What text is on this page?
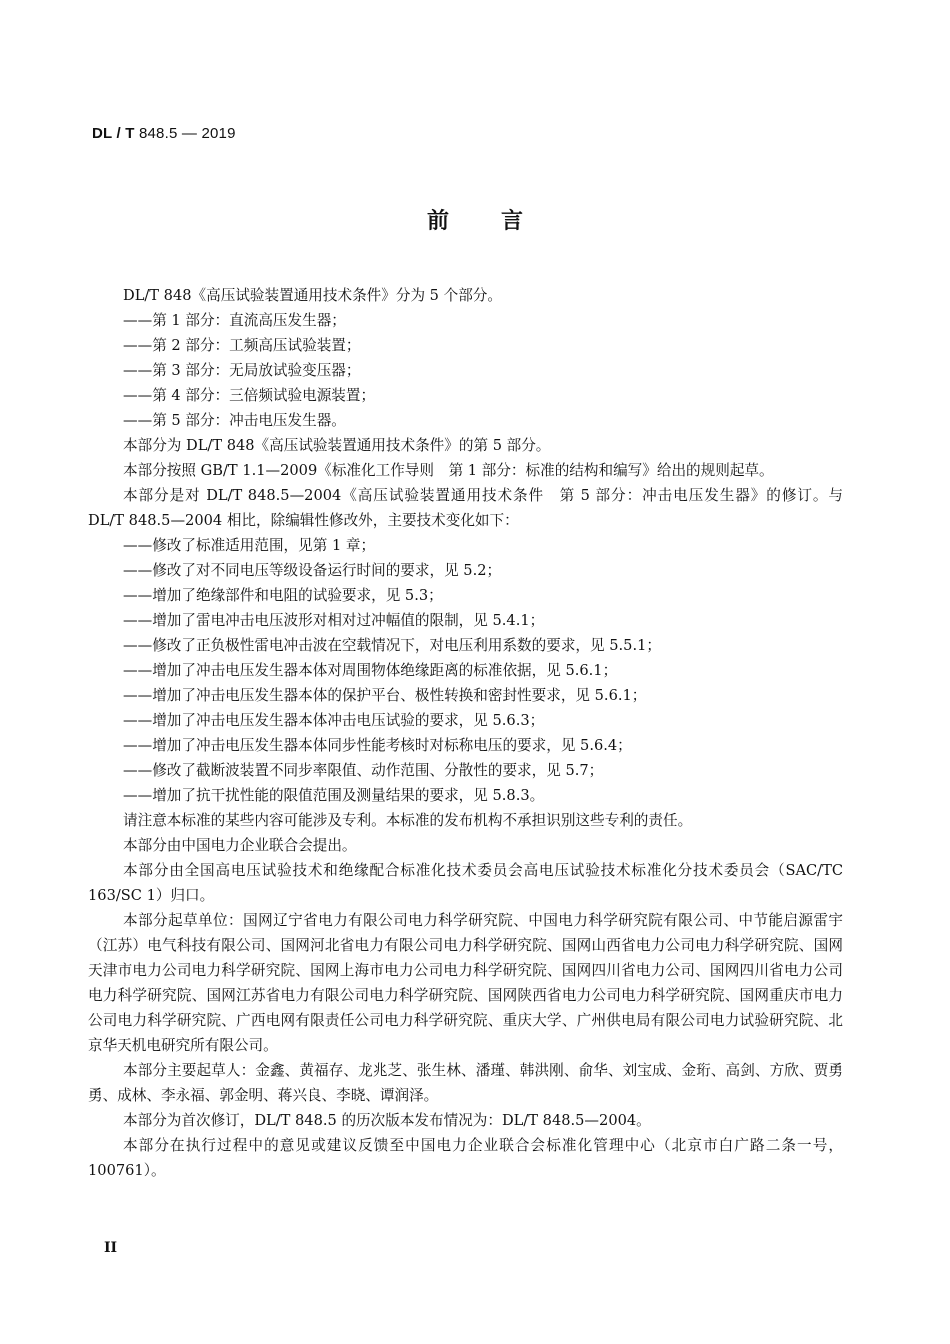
DL / T 848.5 — 2019
前言

DL/T 848《高压试验装置通用技术条件》分为 5 个部分。

——第 1 部分：直流高压发生器；

——第 2 部分：工频高压试验装置；

——第 3 部分：无局放试验变压器；

——第 4 部分：三倍频试验电源装置；

——第 5 部分：冲击电压发生器。

本部分为 DL/T 848《高压试验装置通用技术条件》的第 5 部分。

本部分按照 GB/T 1.1—2009《标准化工作导则　第 1 部分：标准的结构和编写》给出的规则起草。

本部分是对 DL/T 848.5—2004《高压试验装置通用技术条件　第 5 部分：冲击电压发生器》的修订。与 DL/T 848.5—2004 相比，除编辑性修改外，主要技术变化如下：

——修改了标准适用范围，见第 1 章；

——修改了对不同电压等级设备运行时间的要求，见 5.2；

——增加了绝缘部件和电阻的试验要求，见 5.3；

——增加了雷电冲击电压波形对相对过冲幅值的限制，见 5.4.1；

——修改了正负极性雷电冲击波在空载情况下，对电压利用系数的要求，见 5.5.1；

——增加了冲击电压发生器本体对周围物体绝缘距离的标准依据，见 5.6.1；

——增加了冲击电压发生器本体的保护平台、极性转换和密封性要求，见 5.6.1；

——增加了冲击电压发生器本体冲击电压试验的要求，见 5.6.3；

——增加了冲击电压发生器本体同步性能考核时对标称电压的要求，见 5.6.4；

——修改了截断波装置不同步率限值、动作范围、分散性的要求，见 5.7；

——增加了抗干扰性能的限值范围及测量结果的要求，见 5.8.3。

请注意本标准的某些内容可能涉及专利。本标准的发布机构不承担识别这些专利的责任。

本部分由中国电力企业联合会提出。

本部分由全国高电压试验技术和绝缘配合标准化技术委员会高电压试验技术标准化分技术委员会（SAC/TC 163/SC 1）归口。

本部分起草单位：国网辽宁省电力有限公司电力科学研究院、中国电力科学研究院有限公司、中节能启源雷宇（江苏）电气科技有限公司、国网河北省电力有限公司电力科学研究院、国网山西省电力公司电力科学研究院、国网天津市电力公司电力科学研究院、国网上海市电力公司电力科学研究院、国网四川省电力公司、国网四川省电力公司电力科学研究院、国网江苏省电力有限公司电力科学研究院、国网陕西省电力公司电力科学研究院、国网重庆市电力公司电力科学研究院、广西电网有限责任公司电力科学研究院、重庆大学、广州供电局有限公司电力试验研究院、北京华天机电研究所有限公司。

本部分主要起草人：金鑫、黄福存、龙兆芝、张生林、潘瑾、韩洪刚、俞华、刘宝成、金珩、高剑、方欣、贾勇勇、成林、李永福、郭金明、蒋兴良、李晓、谭润泽。

本部分为首次修订，DL/T 848.5 的历次版本发布情况为：DL/T 848.5—2004。

本部分在执行过程中的意见或建议反馈至中国电力企业联合会标准化管理中心（北京市白广路二条一号，100761）。

II
